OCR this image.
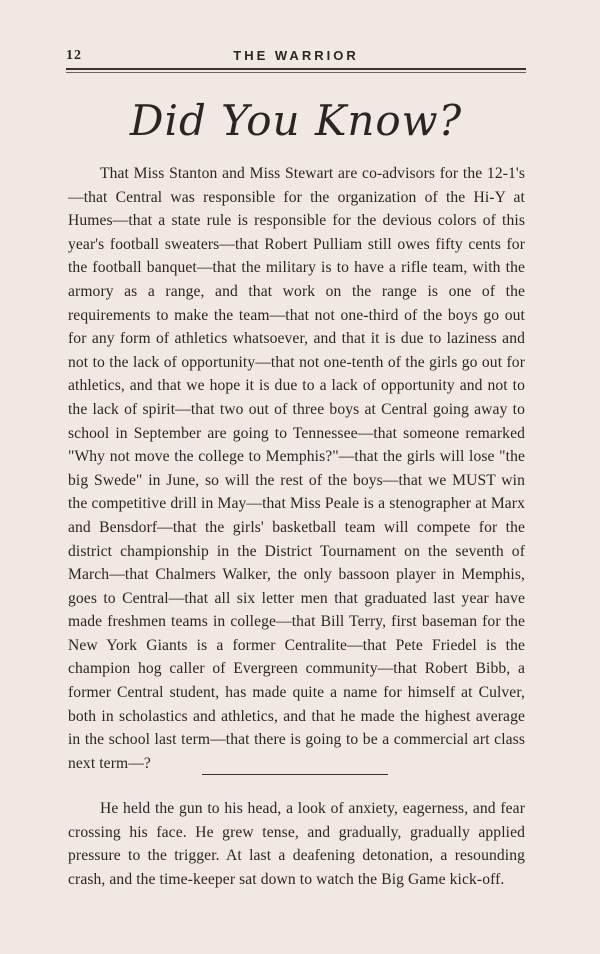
12	THE WARRIOR
Did You Know?

That Miss Stanton and Miss Stewart are co-advisors for the 12-1's—that Central was responsible for the organization of the Hi-Y at Humes—that a state rule is responsible for the devious colors of this year's football sweaters—that Robert Pulliam still owes fifty cents for the football banquet—that the military is to have a rifle team, with the armory as a range, and that work on the range is one of the requirements to make the team—that not one-third of the boys go out for any form of athletics whatsoever, and that it is due to laziness and not to the lack of opportunity—that not one-tenth of the girls go out for athletics, and that we hope it is due to a lack of opportunity and not to the lack of spirit—that two out of three boys at Central going away to school in September are going to Tennessee—that someone remarked "Why not move the college to Memphis?"—that the girls will lose "the big Swede" in June, so will the rest of the boys—that we MUST win the competitive drill in May—that Miss Peale is a stenographer at Marx and Bensdorf—that the girls' basketball team will compete for the district championship in the District Tournament on the seventh of March—that Chalmers Walker, the only bassoon player in Memphis, goes to Central—that all six letter men that graduated last year have made freshmen teams in college—that Bill Terry, first baseman for the New York Giants is a former Centralite—that Pete Friedel is the champion hog caller of Evergreen community—that Robert Bibb, a former Central student, has made quite a name for himself at Culver, both in scholastics and athletics, and that he made the highest average in the school last term—that there is going to be a commercial art class next term—?

He held the gun to his head, a look of anxiety, eagerness, and fear crossing his face. He grew tense, and gradually, gradually applied pressure to the trigger. At last a deafening detonation, a resounding crash, and the time-keeper sat down to watch the Big Game kick-off.
